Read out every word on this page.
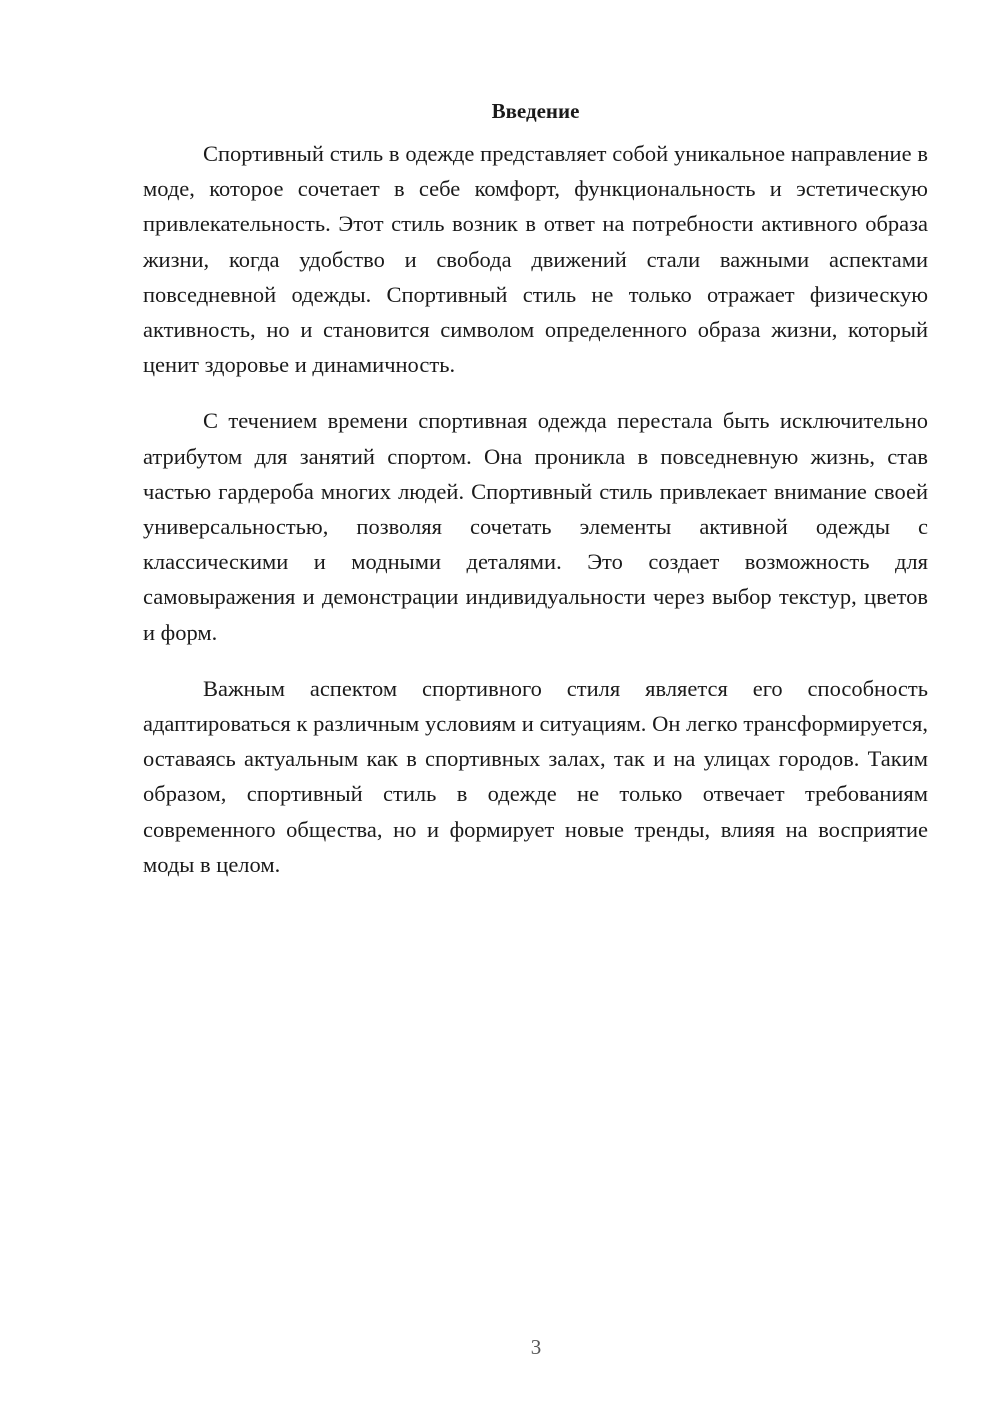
Введение

Спортивный стиль в одежде представляет собой уникальное направление в моде, которое сочетает в себе комфорт, функциональность и эстетическую привлекательность. Этот стиль возник в ответ на потребности активного образа жизни, когда удобство и свобода движений стали важными аспектами повседневной одежды. Спортивный стиль не только отражает физическую активность, но и становится символом определенного образа жизни, который ценит здоровье и динамичность.

С течением времени спортивная одежда перестала быть исключительно атрибутом для занятий спортом. Она проникла в повседневную жизнь, став частью гардероба многих людей. Спортивный стиль привлекает внимание своей универсальностью, позволяя сочетать элементы активной одежды с классическими и модными деталями. Это создает возможность для самовыражения и демонстрации индивидуальности через выбор текстур, цветов и форм.

Важным аспектом спортивного стиля является его способность адаптироваться к различным условиям и ситуациям. Он легко трансформируется, оставаясь актуальным как в спортивных залах, так и на улицах городов. Таким образом, спортивный стиль в одежде не только отвечает требованиям современного общества, но и формирует новые тренды, влияя на восприятие моды в целом.

3
